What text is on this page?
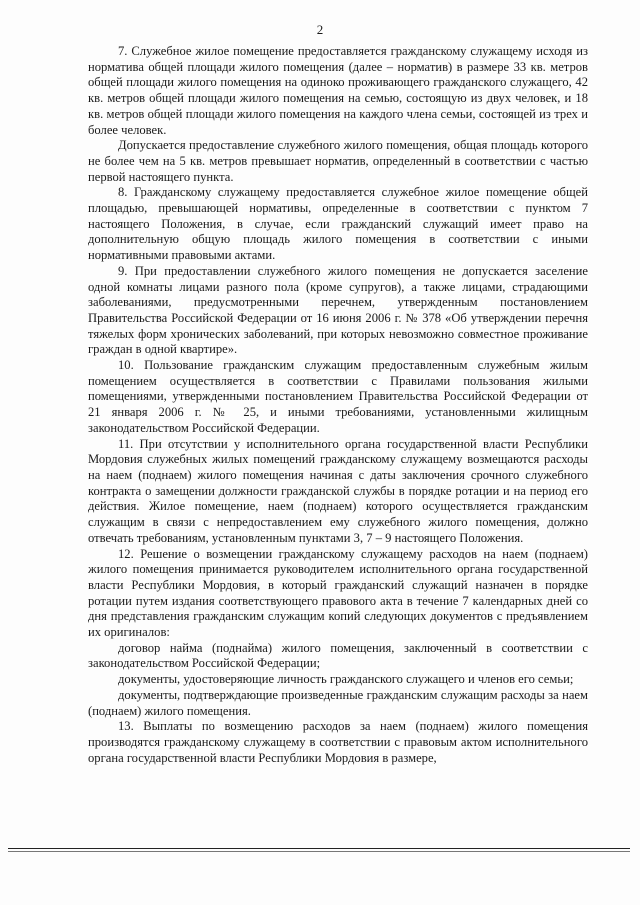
2

7. Служебное жилое помещение предоставляется гражданскому служащему исходя из норматива общей площади жилого помещения (далее – норматив) в размере 33 кв. метров общей площади жилого помещения на одиноко проживающего гражданского служащего, 42 кв. метров общей площади жилого помещения на семью, состоящую из двух человек, и 18 кв. метров общей площади жилого помещения на каждого члена семьи, состоящей из трех и более человек.

Допускается предоставление служебного жилого помещения, общая площадь которого не более чем на 5 кв. метров превышает норматив, определенный в соответствии с частью первой настоящего пункта.

8. Гражданскому служащему предоставляется служебное жилое помещение общей площадью, превышающей нормативы, определенные в соответствии с пунктом 7 настоящего Положения, в случае, если гражданский служащий имеет право на дополнительную общую площадь жилого помещения в соответствии с иными нормативными правовыми актами.

9. При предоставлении служебного жилого помещения не допускается заселение одной комнаты лицами разного пола (кроме супругов), а также лицами, страдающими заболеваниями, предусмотренными перечнем, утвержденным постановлением Правительства Российской Федерации от 16 июня 2006 г. № 378 «Об утверждении перечня тяжелых форм хронических заболеваний, при которых невозможно совместное проживание граждан в одной квартире».

10. Пользование гражданским служащим предоставленным служебным жилым помещением осуществляется в соответствии с Правилами пользования жилыми помещениями, утвержденными постановлением Правительства Российской Федерации от 21 января 2006 г. № 25, и иными требованиями, установленными жилищным законодательством Российской Федерации.

11. При отсутствии у исполнительного органа государственной власти Республики Мордовия служебных жилых помещений гражданскому служащему возмещаются расходы на наем (поднаем) жилого помещения начиная с даты заключения срочного служебного контракта о замещении должности гражданской службы в порядке ротации и на период его действия. Жилое помещение, наем (поднаем) которого осуществляется гражданским служащим в связи с непредоставлением ему служебного жилого помещения, должно отвечать требованиям, установленным пунктами 3, 7 – 9 настоящего Положения.

12. Решение о возмещении гражданскому служащему расходов на наем (поднаем) жилого помещения принимается руководителем исполнительного органа государственной власти Республики Мордовия, в который гражданский служащий назначен в порядке ротации путем издания соответствующего правового акта в течение 7 календарных дней со дня представления гражданским служащим копий следующих документов с предъявлением их оригиналов:

договор найма (поднайма) жилого помещения, заключенный в соответствии с законодательством Российской Федерации;

документы, удостоверяющие личность гражданского служащего и членов его семьи;

документы, подтверждающие произведенные гражданским служащим расходы за наем (поднаем) жилого помещения.

13. Выплаты по возмещению расходов за наем (поднаем) жилого помещения производятся гражданскому служащему в соответствии с правовым актом исполнительного органа государственной власти Республики Мордовия в размере,
